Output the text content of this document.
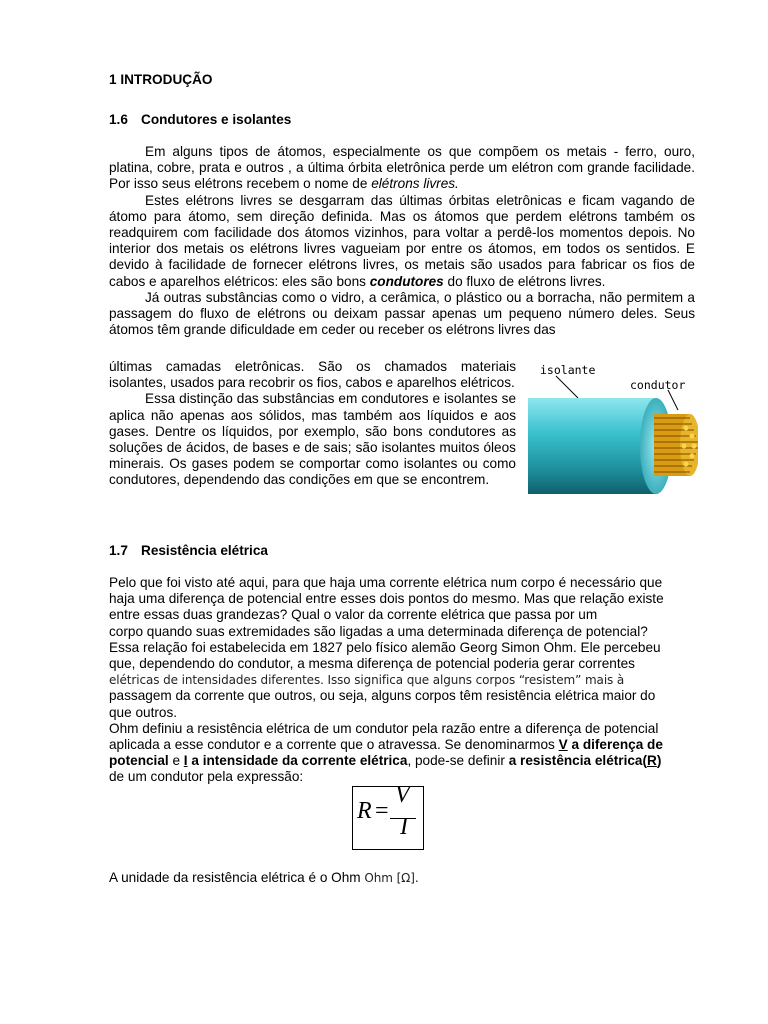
1 INTRODUÇÃO
1.6 Condutores e isolantes

Em alguns tipos de átomos, especialmente os que compõem os metais - ferro, ouro, platina, cobre, prata e outros , a última órbita eletrônica perde um elétron com grande facilidade. Por isso seus elétrons recebem o nome de elétrons livres.

Estes elétrons livres se desgarram das últimas órbitas eletrônicas e ficam vagando de átomo para átomo, sem direção definida. Mas os átomos que perdem elétrons também os readquirem com facilidade dos átomos vizinhos, para voltar a perdê-los momentos depois. No interior dos metais os elétrons livres vagueiam por entre os átomos, em todos os sentidos. E devido à facilidade de fornecer elétrons livres, os metais são usados para fabricar os fios de cabos e aparelhos elétricos: eles são bons condutores do fluxo de elétrons livres.

Já outras substâncias como o vidro, a cerâmica, o plástico ou a borracha, não permitem a passagem do fluxo de elétrons ou deixam passar apenas um pequeno número deles. Seus átomos têm grande dificuldade em ceder ou receber os elétrons livres das

últimas camadas eletrônicas. São os chamados materiais isolantes, usados para recobrir os fios, cabos e aparelhos elétricos.

Essa distinção das substâncias em condutores e isolantes se aplica não apenas aos sólidos, mas também aos líquidos e aos gases. Dentre os líquidos, por exemplo, são bons condutores as soluções de ácidos, de bases e de sais; são isolantes muitos óleos minerais. Os gases podem se comportar como isolantes ou como condutores, dependendo das condições em que se encontrem.

isolante
condutor
1.7 Resistência elétrica
Pelo que foi visto até aqui, para que haja uma corrente elétrica num corpo é necessário que
haja uma diferença de potencial entre esses dois pontos do mesmo. Mas que relação existe
entre essas duas grandezas? Qual o valor da corrente elétrica que passa por um
corpo quando suas extremidades são ligadas a uma determinada diferença de potencial?
Essa relação foi estabelecida em 1827 pelo físico alemão Georg Simon Ohm. Ele percebeu
que, dependendo do condutor, a mesma diferença de potencial poderia gerar correntes
elétricas de intensidades diferentes. Isso significa que alguns corpos “resistem” mais à
passagem da corrente que outros, ou seja, alguns corpos têm resistência elétrica maior do
que outros.
Ohm definiu a resistência elétrica de um condutor pela razão entre a diferença de potencial
aplicada a esse condutor e a corrente que o atravessa. Se denominarmos V a diferença de
potencial e I a intensidade da corrente elétrica, pode-se definir a resistência elétrica(R)
de um condutor pela expressão:
R =
V
I
A unidade da resistência elétrica é o Ohm Ohm [Ω].
